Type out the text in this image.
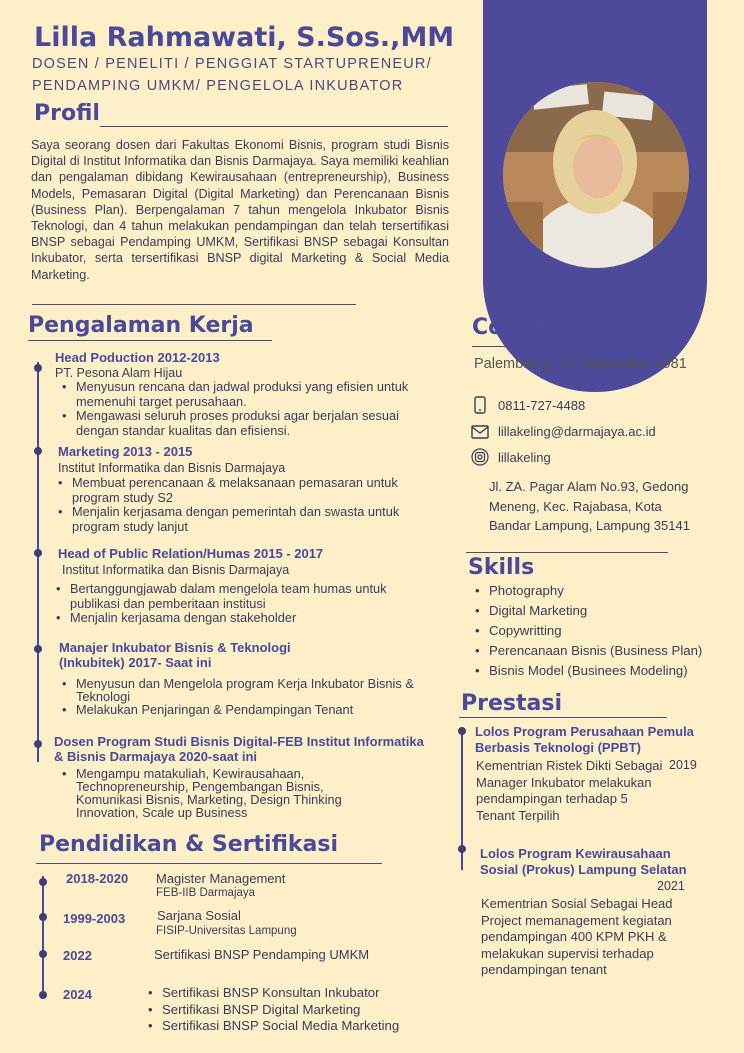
Lilla Rahmawati, S.Sos.,MM
DOSEN / PENELITI / PENGGIAT STARTUPRENEUR/
PENDAMPING UMKM/ PENGELOLA INKUBATOR
Profil
Saya seorang dosen dari Fakultas Ekonomi Bisnis, program studi Bisnis Digital di Institut Informatika dan Bisnis Darmajaya. Saya memiliki keahlian dan pengalaman dibidang Kewirausahaan (entrepreneurship), Business Models, Pemasaran Digital (Digital Marketing) dan Perencanaan Bisnis (Business Plan). Berpengalaman 7 tahun mengelola Inkubator Bisnis Teknologi, dan 4 tahun melakukan pendampingan dan telah tersertifikasi BNSP sebagai Pendamping UMKM, Sertifikasi BNSP sebagai Konsultan Inkubator, serta tersertifikasi BNSP digital Marketing & Social Media Marketing.
Pengalaman Kerja
Head Poduction 2012-2013
PT. Pesona Alam Hijau
• Menyusun rencana dan jadwal produksi yang efisien untuk memenuhi target perusahaan.
• Mengawasi seluruh proses produksi agar berjalan sesuai dengan standar kualitas dan efisiensi.
Marketing 2013 - 2015
Institut Informatika dan Bisnis Darmajaya
• Membuat perencanaan & melaksanaan pemasaran untuk program study S2
• Menjalin kerjasama dengan pemerintah dan swasta untuk program study lanjut
Head of Public Relation/Humas 2015 - 2017
Institut Informatika dan Bisnis Darmajaya
• Bertanggungjawab dalam mengelola team humas untuk publikasi dan pemberitaan institusi
• Menjalin kerjasama dengan stakeholder
Manajer Inkubator Bisnis & Teknologi (Inkubitek) 2017- Saat ini
• Menyusun dan Mengelola program Kerja Inkubator Bisnis & Teknologi
• Melakukan Penjaringan & Pendampingan Tenant
Dosen Program Studi Bisnis Digital-FEB Institut Informatika & Bisnis Darmajaya 2020-saat ini
• Mengampu matakuliah, Kewirausahaan, Technopreneurship, Pengembangan Bisnis, Komunikasi Bisnis, Marketing, Design Thinking Innovation, Scale up Business
Pendidikan & Sertifikasi
2018-2020 Magister Management
FEB-IIB Darmajaya
1999-2003 Sarjana Sosial
FISIP-Universitas Lampung
2022	Sertifikasi BNSP Pendamping UMKM
2024
•	Sertifikasi BNSP Konsultan Inkubator
• Sertifikasi BNSP Digital Marketing
• Sertifikasi BNSP Social Media Marketing
Contact
Palemban,g, 17 September 1981
0811-727-4488
lillakeling@darmajaya.ac.id
lillakeling
Jl. ZA. Pagar Alam No.93, Gedong
Meneng, Kec. Rajabasa, Kota
Bandar Lampung, Lampung 35141
Skills
• Photography
• Digital Marketing
• Copywritting
• Perencanaan Bisnis (Business Plan)
• Bisnis Model (Businees Modeling)
Prestasi
Lolos Program Perusahaan Pemula Berbasis Teknologi (PPBT)
2019
Kementrian Ristek Dikti Sebagai Manager Inkubator melakukan pendampingan terhadap 5 Tenant Terpilih
Lolos Program Kewirausahaan Sosial (Prokus) Lampung Selatan
2021
Kementrian Sosial Sebagai Head Project memanagement kegiatan pendampingan 400 KPM PKH & melakukan supervisi terhadap pendampingan tenant
